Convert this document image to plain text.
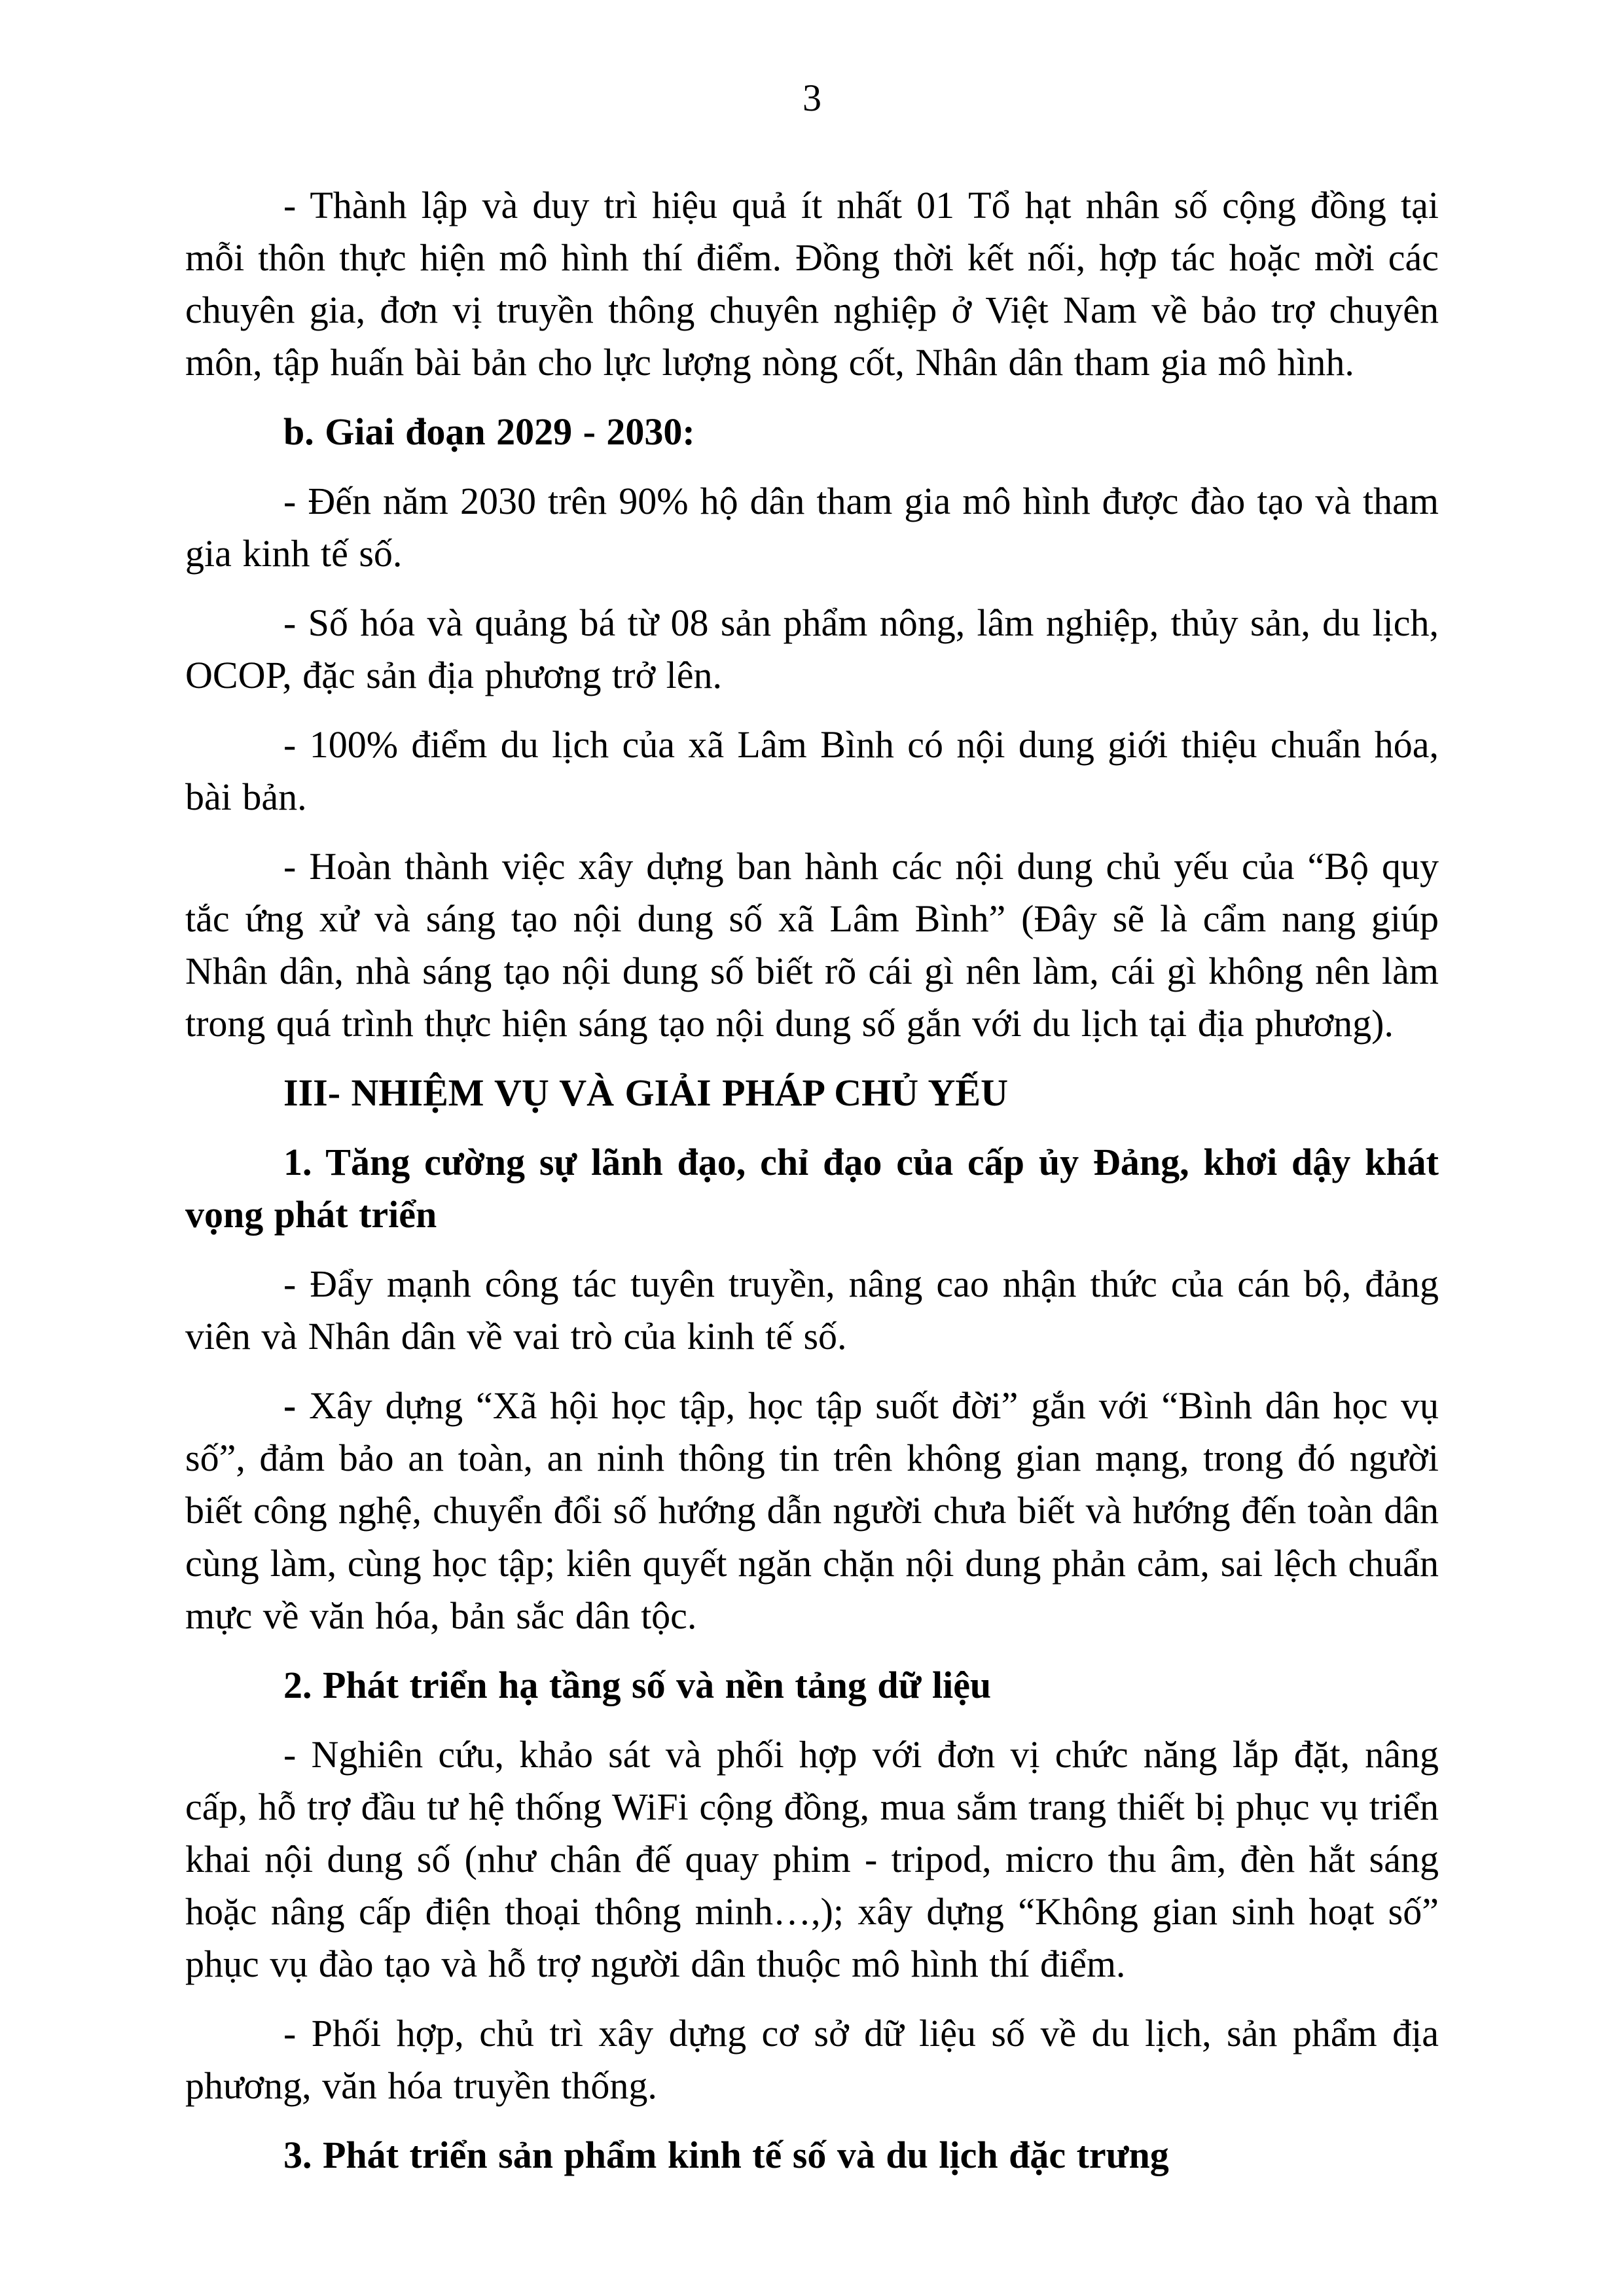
3

- Thành lập và duy trì hiệu quả ít nhất 01 Tổ hạt nhân số cộng đồng tại mỗi thôn thực hiện mô hình thí điểm. Đồng thời kết nối, hợp tác hoặc mời các chuyên gia, đơn vị truyền thông chuyên nghiệp ở Việt Nam về bảo trợ chuyên môn, tập huấn bài bản cho lực lượng nòng cốt, Nhân dân tham gia mô hình.

b. Giai đoạn 2029 - 2030:

- Đến năm 2030 trên 90% hộ dân tham gia mô hình được đào tạo và tham gia kinh tế số.

- Số hóa và quảng bá từ 08 sản phẩm nông, lâm nghiệp, thủy sản, du lịch, OCOP, đặc sản địa phương trở lên.

- 100% điểm du lịch của xã Lâm Bình có nội dung giới thiệu chuẩn hóa, bài bản.

- Hoàn thành việc xây dựng ban hành các nội dung chủ yếu của “Bộ quy tắc ứng xử và sáng tạo nội dung số xã Lâm Bình” (Đây sẽ là cẩm nang giúp Nhân dân, nhà sáng tạo nội dung số biết rõ cái gì nên làm, cái gì không nên làm trong quá trình thực hiện sáng tạo nội dung số gắn với du lịch tại địa phương).

III- NHIỆM VỤ VÀ GIẢI PHÁP CHỦ YẾU

1. Tăng cường sự lãnh đạo, chỉ đạo của cấp ủy Đảng, khơi dậy khát vọng phát triển

- Đẩy mạnh công tác tuyên truyền, nâng cao nhận thức của cán bộ, đảng viên và Nhân dân về vai trò của kinh tế số.

- Xây dựng “Xã hội học tập, học tập suốt đời” gắn với “Bình dân học vụ số”, đảm bảo an toàn, an ninh thông tin trên không gian mạng, trong đó người biết công nghệ, chuyển đổi số hướng dẫn người chưa biết và hướng đến toàn dân cùng làm, cùng học tập; kiên quyết ngăn chặn nội dung phản cảm, sai lệch chuẩn mực về văn hóa, bản sắc dân tộc.

2. Phát triển hạ tầng số và nền tảng dữ liệu

- Nghiên cứu, khảo sát và phối hợp với đơn vị chức năng lắp đặt, nâng cấp, hỗ trợ đầu tư hệ thống WiFi cộng đồng, mua sắm trang thiết bị phục vụ triển khai nội dung số (như chân đế quay phim - tripod, micro thu âm, đèn hắt sáng hoặc nâng cấp điện thoại thông minh…,); xây dựng “Không gian sinh hoạt số” phục vụ đào tạo và hỗ trợ người dân thuộc mô hình thí điểm.

- Phối hợp, chủ trì xây dựng cơ sở dữ liệu số về du lịch, sản phẩm địa phương, văn hóa truyền thống.

3. Phát triển sản phẩm kinh tế số và du lịch đặc trưng
